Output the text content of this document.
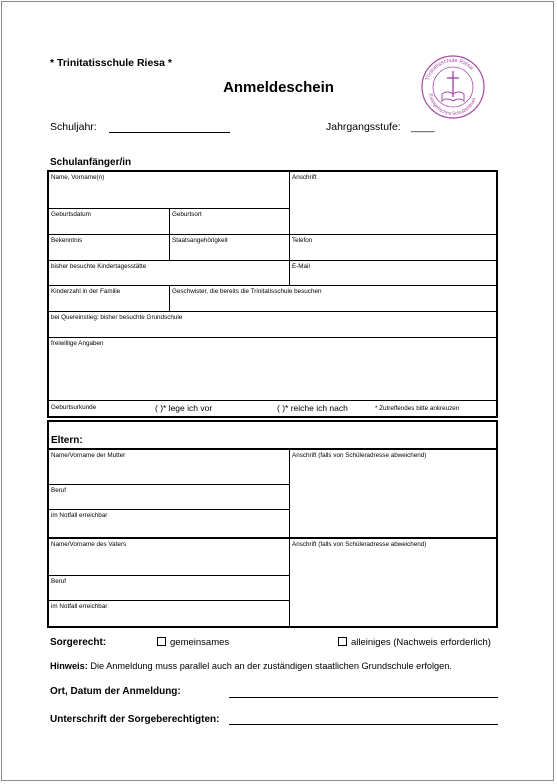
* Trinitatisschule Riesa *
Anmeldeschein
Trinitatisschule Riesa
Evangelisches Schulzentrum
Schuljahr:	Jahrgangsstufe: ____
Schulanfänger/in
Name, Vorname(n)
Geburtsdatum	Geburtsort
Anschrift
Bekenntnis	Staatsangehörigkeit	Telefon
bisher besuchte Kindertagesstätte	E-Mail
Kinderzahl in der Familie	Geschwister, die bereits die Trinitatisschule besuchen
bei Quereinstieg: bisher besuchte Grundschule
freiwillige Angaben
Geburtsurkunde	( )* lege ich vor	( )* reiche ich nach	* Zutreffendes bitte ankreuzen
Eltern:
Name/Vorname der Mutter
Beruf
im Notfall erreichbar
Anschrift (falls von Schüleradresse abweichend)
Name/Vorname des Vaters
Beruf
im Notfall erreichbar
Anschrift (falls von Schüleradresse abweichend)
Sorgerecht:	gemeinsames	alleiniges (Nachweis erforderlich)
Hinweis: Die Anmeldung muss parallel auch an der zuständigen staatlichen Grundschule erfolgen.
Ort, Datum der Anmeldung:
Unterschrift der Sorgeberechtigten:
